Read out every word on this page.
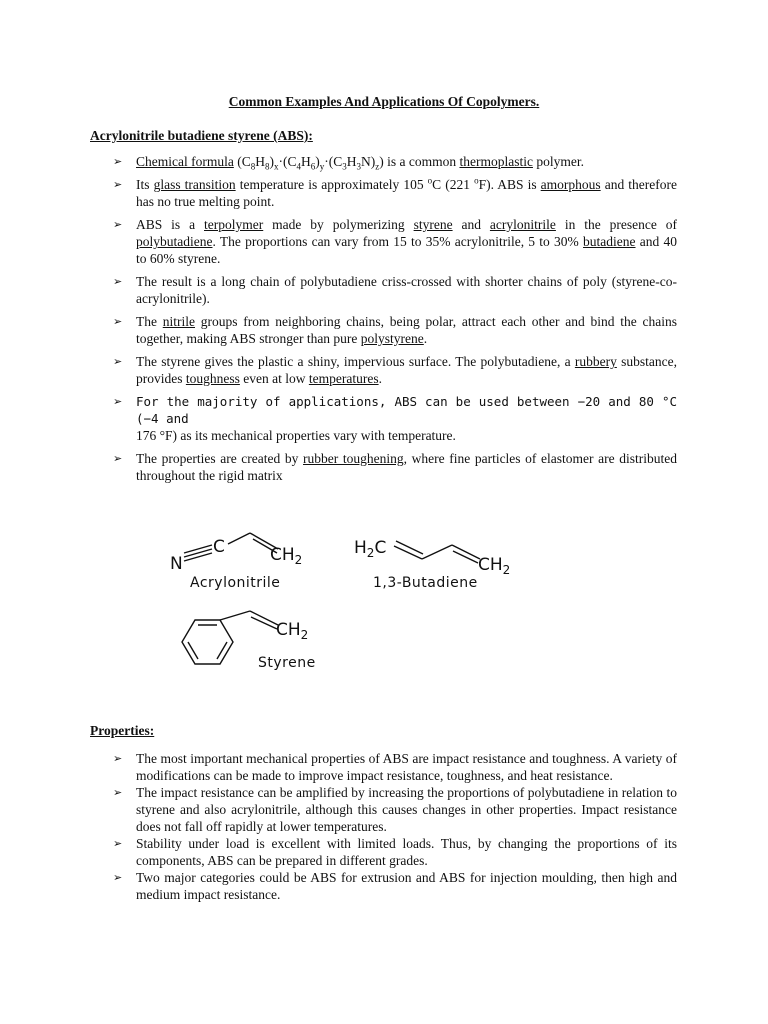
Common Examples And Applications Of Copolymers.
Acrylonitrile butadiene styrene (ABS):
➢ Chemical formula $(C_8H_8)_x\cdot(C_4H_6)_y\cdot(C_3H_3N)_z$) is a common thermoplastic polymer.
➢ Its glass transition temperature is approximately 105 $^o$C (221 $^o$F). ABS is amorphous and therefore has no true melting point.
➢ ABS is a terpolymer made by polymerizing styrene and acrylonitrile in the presence of polybutadiene. The proportions can vary from 15 to 35% acrylonitrile, 5 to 30% butadiene and 40 to 60% styrene.
➢ The result is a long chain of polybutadiene criss-crossed with shorter chains of poly (styrene-co-acrylonitrile).
➢ The nitrile groups from neighboring chains, being polar, attract each other and bind the chains together, making ABS stronger than pure polystyrene.
➢ The styrene gives the plastic a shiny, impervious surface. The polybutadiene, a rubbery substance, provides toughness even at low temperatures.
➢ For the majority of applications, ABS can be used between −20 and 80 °C (−4 and
176 °F) as its mechanical properties vary with temperature.
➢ The properties are created by rubber toughening, where fine particles of elastomer are distributed throughout the rigid matrix
N
C	$CH_2$
Acrylonitrile
$H_2C$
$CH_2$
1,3-Butadiene
$CH_2$
Styrene
Properties:
➢ The most important mechanical properties of ABS are impact resistance and toughness. A variety of modifications can be made to improve impact resistance, toughness, and heat resistance.
➢ The impact resistance can be amplified by increasing the proportions of polybutadiene in relation to styrene and also acrylonitrile, although this causes changes in other properties. Impact resistance does not fall off rapidly at lower temperatures.
➢ Stability under load is excellent with limited loads. Thus, by changing the proportions of its components, ABS can be prepared in different grades.
➢ Two major categories could be ABS for extrusion and ABS for injection moulding, then high and medium impact resistance.
